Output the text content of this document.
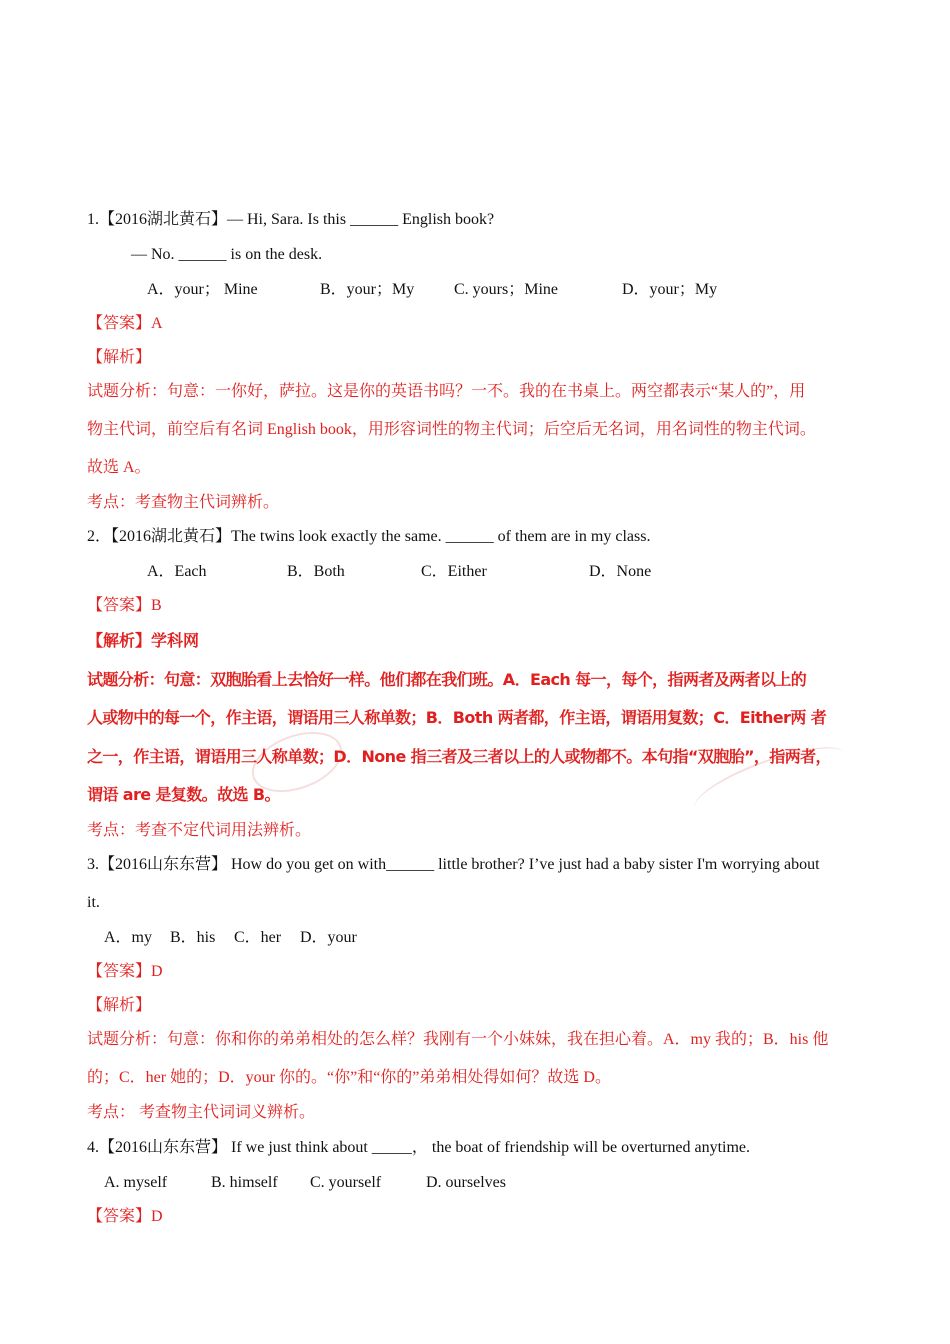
1.【2016湖北黄石】— Hi, Sara. Is this ______ English book?
— No. ______ is on the desk.
A．your； Mine	B．your；My C. yours；Mine	D．your；My
【答案】A
【解析】
试题分析：句意：一你好，萨拉。这是你的英语书吗？一不。我的在书桌上。两空都表示“某人的”，用
物主代词，前空后有名词 English book，用形容词性的物主代词；后空后无名词，用名词性的物主代词。
故选 A。
考点：考查物主代词辨析。
2．【2016湖北黄石】The twins look exactly the same. ______ of them are in my class.
A．Each	B．Both	C．Either	D．None
【答案】B
【解析】学科网
试题分析：句意：双胞胎看上去恰好一样。他们都在我们班。A．Each 每一，每个，指两者及两者以上的
人或物中的每一个，作主语，谓语用三人称单数；B．Both 两者都，作主语，谓语用复数；C．Either两 者
之一，作主语，谓语用三人称单数；D．None 指三者及三者以上的人或物都不。本句指“双胞胎”，指两者，
谓语 are 是复数。故选 B。
考点：考查不定代词用法辨析。
3.【2016山东东营】 How do you get on with______ little brother? I’ve just had a baby sister I'm worrying about
it.
A．my B．his C．her D．your
【答案】D
【解析】
试题分析：句意：你和你的弟弟相处的怎么样？我刚有一个小妹妹，我在担心着。A．my 我的；B．his 他
的；C．her 她的；D．your 你的。“你”和“你的”弟弟相处得如何？故选 D。
考点： 考查物主代词词义辨析。
4.【2016山东东营】 If we just think about _____， the boat of friendship will be overturned anytime.
A. myself	B. himself C. yourself	D. ourselves
【答案】D
